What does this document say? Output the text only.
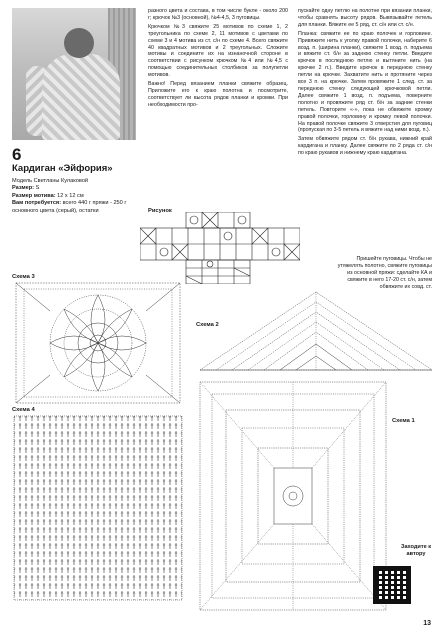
6
Кардиган «Эйфория»
Модель Светланы Кулаковой
Размер: S
Размер мотива: 12 х 12 см
Вам потребуется: всего 440 г пряжи - 250 г основного цвета (серый), остатки

разного цвета и состава, в том числе букле - около 200 г; крючок №3 (основной), №4-4,5, 3 пуговицы.

Крючком №3 свяжите 25 мотивов по схеме 1, 2 треугольника по схеме 2, 11 мотивов с цветами по схеме 3 и 4 мотива из ст. с/н по схеме 4. Всего свяжите 40 квадратных мотивов и 2 треугольных. Сложите мотивы и соедините их на изнаночной стороне в соответствии с рисунком крючком №4 или №4,5 с помощью соединительных столбиков за полупетли мотивов.

Важно! Перед вязанием планки свяжите образец. Приложите его к краю полотна и посмотрите, соответствует ли высота рядов планки и кромки. При необходимости про-

пускайте одну петлю на полотне при вязании планки, чтобы сравнять высоту рядов. Вывязывайте петель для планки. Вяжите ее 5 ряд, ст. с/н или ст. с/н.

Планка: свяжите ее по краю полочек и горловине. Привяжите нить к уголку правой полочки, наберите 6 возд. п. (ширина планки), свяжите 1 возд. п. подъема и вяжите ст. б/н за заднюю стенку петли. Введите крючок в последнюю петлю и вытяните нить (на крючке 2 п.). Введите крючок в переднюю стенку петли на крючке. Захватите нить и протяните через все 3 п. на крючке. Затем провяжите 1 след. ст. за переднюю стенку следующей крючковой петли. Далее свяжите 1 возд. п. подъема, поверните полотно и провяжите ряд ст. б/н за задние стенки петель. Повторите «-», пока не обвяжете кромку правой полочки, горловину и кромку левой полочки. На правой полочке свяжите 3 отверстия для пуговиц (пропуская по 3-5 петель и вяжите над ними возд. п.).

Затем обвяжите рядом ст. б/н рукава, нижний край кардигана и планку. Далее свяжите по 2 ряда ст. с/н по краю рукавов и нижнему краю кардигана.

Пришейте пуговицы. Чтобы не утяжелять полотно, свяжите пуговицы из основной пряжи: сделайте КА и свяжите в него 17-20 ст. с/н, затем обвяжите их совд. ст.
Рисунок
Схема 3
Схема 2
Схема 4
Схема 1
Заходите к автору
13
